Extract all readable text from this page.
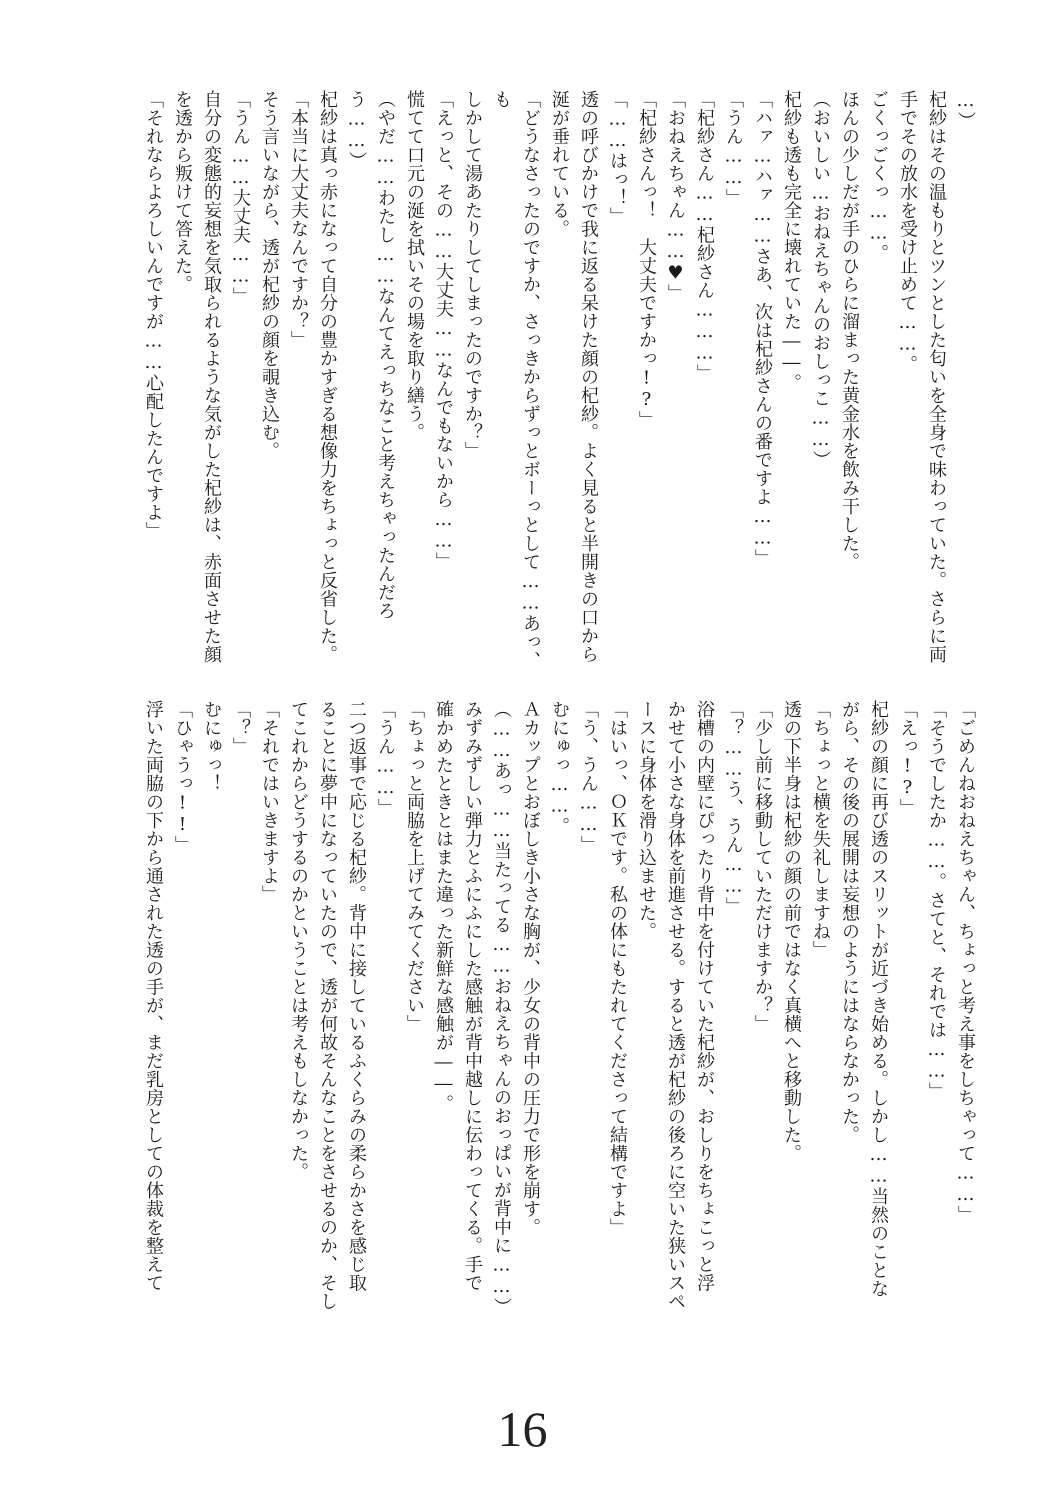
…）

杞紗はその温もりとツンとした匂いを全身で味わっていた。さらに両

手でその放水を受け止めて……。

ごくっごくっ……。

ほんの少しだが手のひらに溜まった黄金水を飲み干した。

（おいしい…おねえちゃんのおしっこ……）

杞紗も透も完全に壊れていた――。

「ハァ…ハァ……さあ、次は杞紗さんの番ですよ……」

「うん……」

「杞紗さん……杞紗さん………」

「おねえちゃん……♥」

「杞紗さんっ！　大丈夫ですかっ!?」

「……はっ！」

透の呼びかけで我に返る呆けた顔の杞紗。よく見ると半開きの口から

涎が垂れている。

「どうなさったのですか、さっきからずっとボーっとして……あっ、も

しかして湯あたりしてしまったのですか？」

「えっと、その……大丈夫……なんでもないから……」

慌てて口元の涎を拭いその場を取り繕う。

（やだ……わたし……なんてえっちなこと考えちゃったんだろう……）

杞紗は真っ赤になって自分の豊かすぎる想像力をちょっと反省した。

「本当に大丈夫なんですか？」

そう言いながら、透が杞紗の顔を覗き込む。

「うん……大丈夫……」

自分の変態的妄想を気取られるような気がした杞紗は、赤面させた顔

を透から叛けて答えた。

「それならよろしいんですが……心配したんですよ」

「ごめんねおねえちゃん、ちょっと考え事をしちゃって……」

「そうでしたか……。さてと、それでは……」

「えっ!?」

杞紗の顔に再び透のスリットが近づき始める。しかし……当然のことな

がら、その後の展開は妄想のようにはならなかった。

「ちょっと横を失礼しますね」

透の下半身は杞紗の顔の前ではなく真横へと移動した。

「少し前に移動していただけますか？」

「？……う、うん……」

浴槽の内壁にぴったり背中を付けていた杞紗が、おしりをちょこっと浮

かせて小さな身体を前進させる。すると透が杞紗の後ろに空いた狭いスペ

ースに身体を滑り込ませた。

「はいっ、ＯＫです。私の体にもたれてくださって結構ですよ」

「う、うん……」

むにゅっ……。

Ａカップとおぼしき小さな胸が、少女の背中の圧力で形を崩す。

（……あっ……当たってる……おねえちゃんのおっぱいが背中に……）

みずみずしい弾力とふにふにした感触が背中越しに伝わってくる。手で

確かめたときとはまた違った新鮮な感触が――。

「ちょっと両脇を上げてみてください」

「うん……」

二つ返事で応じる杞紗。背中に接しているふくらみの柔らかさを感じ取

ることに夢中になっていたので、透が何故そんなことをさせるのか、そし

てこれからどうするのかということは考えもしなかった。

「それではいきますよ」

「？」

むにゅっ！

「ひゃうっ!!」

浮いた両脇の下から通された透の手が、まだ乳房としての体裁を整えて

16
